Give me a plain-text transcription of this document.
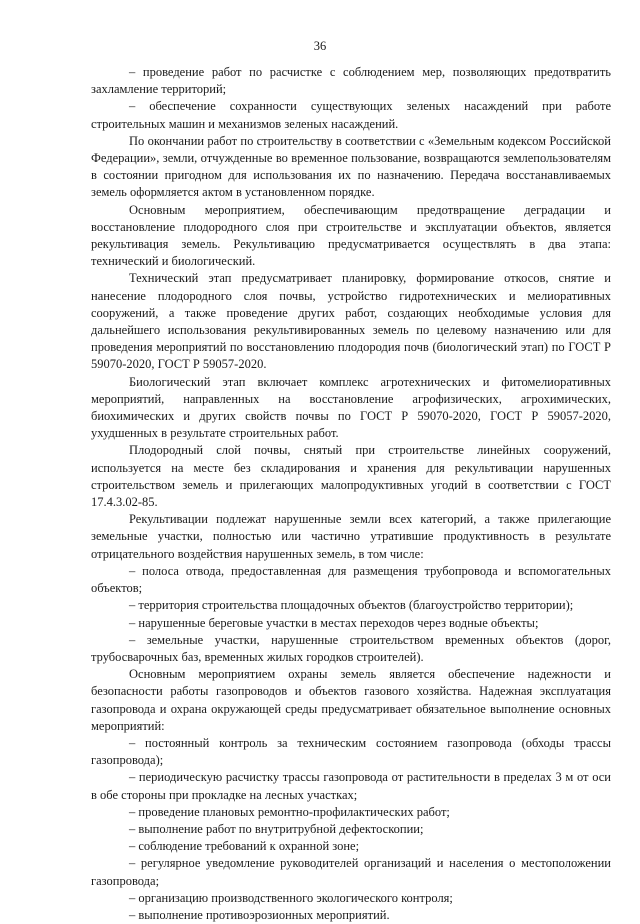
36

– проведение работ по расчистке с соблюдением мер, позволяющих предотвратить захламление территорий;

– обеспечение сохранности существующих зеленых насаждений при работе строительных машин и механизмов зеленых насаждений.

По окончании работ по строительству в соответствии с «Земельным кодексом Российской Федерации», земли, отчужденные во временное пользование, возвращаются землепользователям в состоянии пригодном для использования их по назначению. Передача восстанавливаемых земель оформляется актом в установленном порядке.

Основным мероприятием, обеспечивающим предотвращение деградации и восстановление плодородного слоя при строительстве и эксплуатации объектов, является рекультивация земель. Рекультивацию предусматривается осуществлять в два этапа: технический и биологический.

Технический этап предусматривает планировку, формирование откосов, снятие и нанесение плодородного слоя почвы, устройство гидротехнических и мелиоративных сооружений, а также проведение других работ, создающих необходимые условия для дальнейшего использования рекультивированных земель по целевому назначению или для проведения мероприятий по восстановлению плодородия почв (биологический этап) по ГОСТ Р 59070-2020, ГОСТ Р 59057-2020.

Биологический этап включает комплекс агротехнических и фитомелиоративных мероприятий, направленных на восстановление агрофизических, агрохимических, биохимических и других свойств почвы по ГОСТ Р 59070-2020, ГОСТ Р 59057-2020, ухудшенных в результате строительных работ.

Плодородный слой почвы, снятый при строительстве линейных сооружений, используется на месте без складирования и хранения для рекультивации нарушенных строительством земель и прилегающих малопродуктивных угодий в соответствии с ГОСТ 17.4.3.02-85.

Рекультивации подлежат нарушенные земли всех категорий, а также прилегающие земельные участки, полностью или частично утратившие продуктивность в результате отрицательного воздействия нарушенных земель, в том числе:

– полоса отвода, предоставленная для размещения трубопровода и вспомогательных объектов;

– территория строительства площадочных объектов (благоустройство территории);

– нарушенные береговые участки в местах переходов через водные объекты;

– земельные участки, нарушенные строительством временных объектов (дорог, трубосварочных баз, временных жилых городков строителей).

Основным мероприятием охраны земель является обеспечение надежности и безопасности работы газопроводов и объектов газового хозяйства. Надежная эксплуатация газопровода и охрана окружающей среды предусматривает обязательное выполнение основных мероприятий:

– постоянный контроль за техническим состоянием газопровода (обходы трассы газопровода);

– периодическую расчистку трассы газопровода от растительности в пределах 3 м от оси в обе стороны при прокладке на лесных участках;

– проведение плановых ремонтно-профилактических работ;

– выполнение работ по внутритрубной дефектоскопии;

– соблюдение требований к охранной зоне;

– регулярное уведомление руководителей организаций и населения о местоположении газопровода;

– организацию производственного экологического контроля;

– выполнение противоэрозионных мероприятий.
